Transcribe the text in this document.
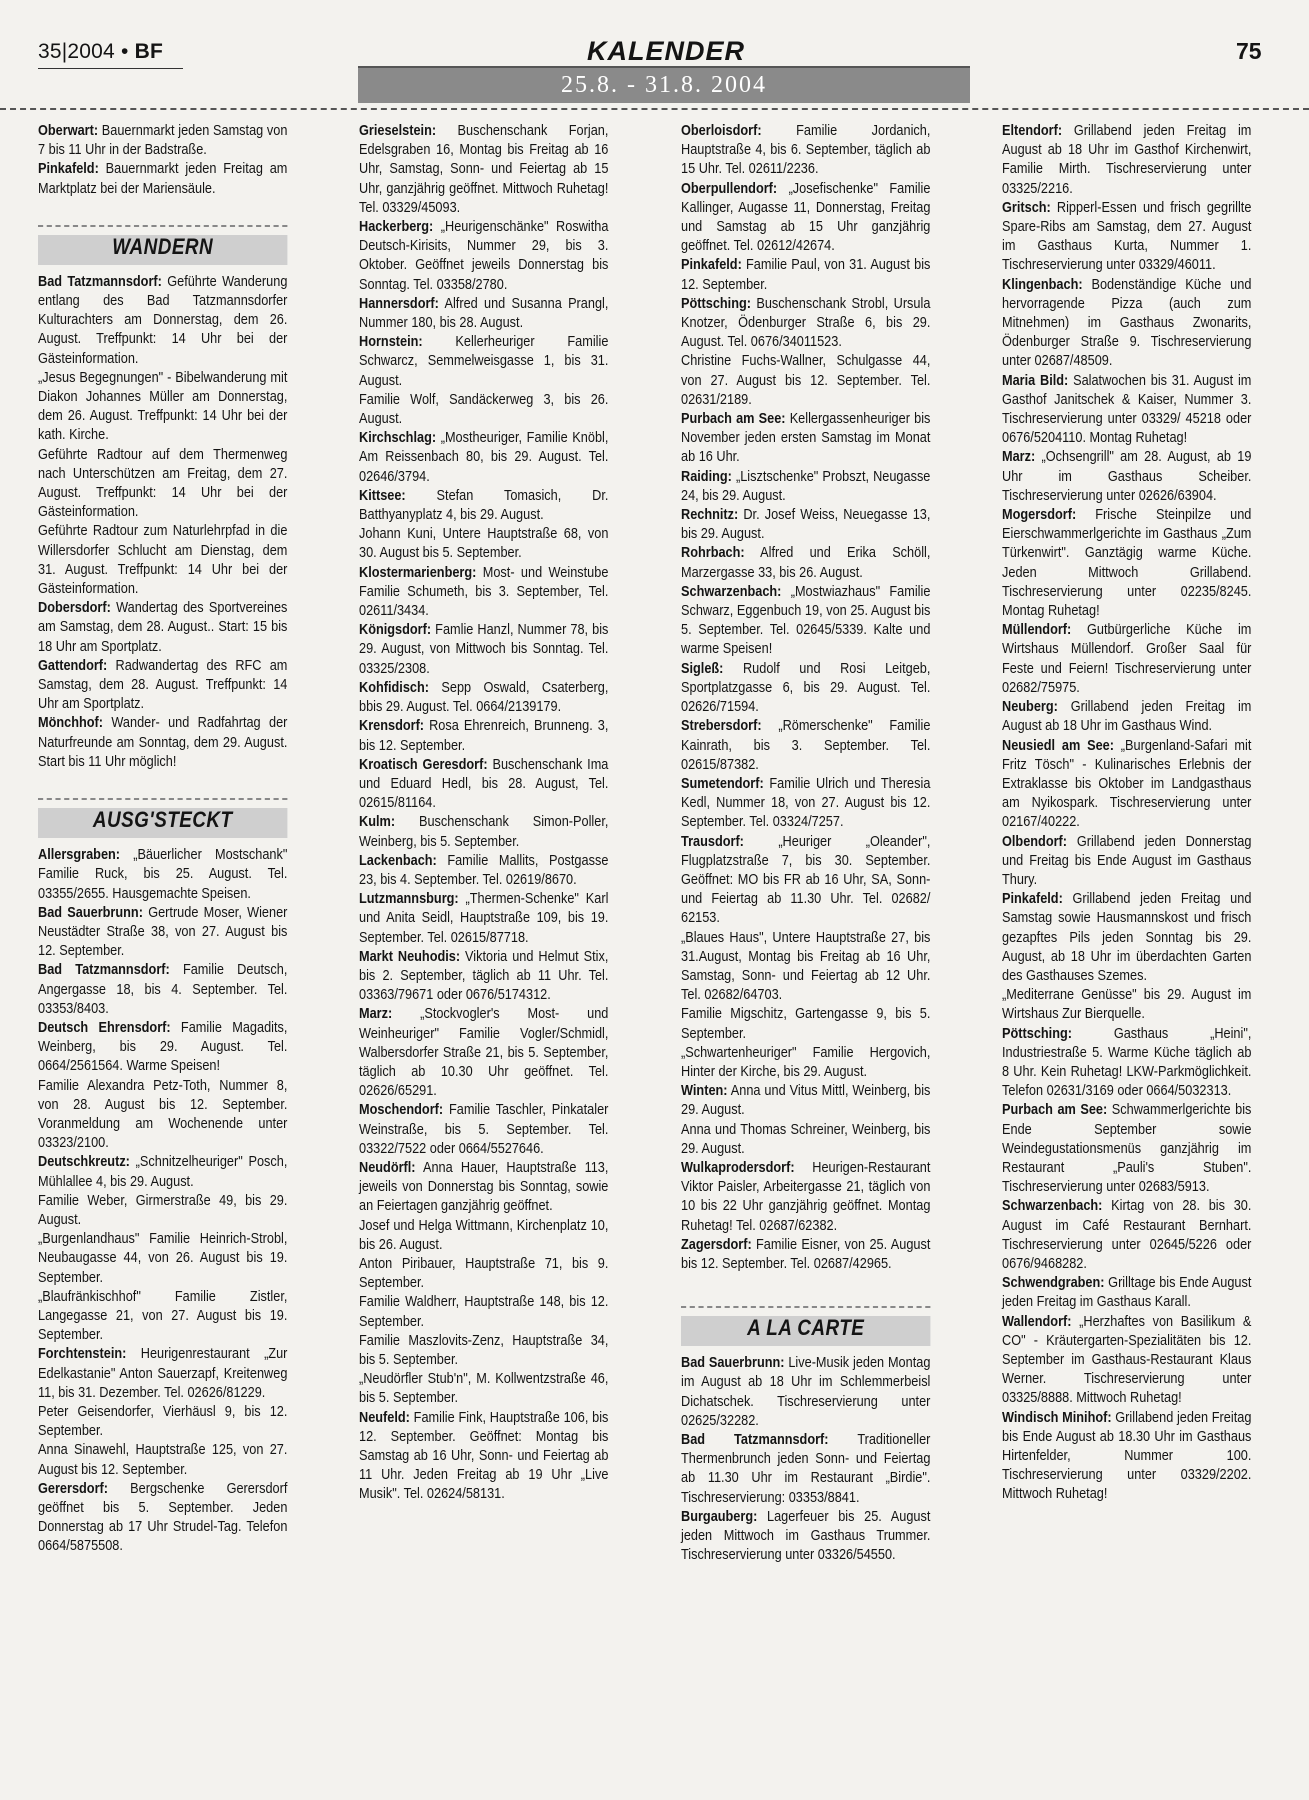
35|2004 • BF	KALENDER	75
25.8. - 31.8. 2004

Oberwart: Bauernmarkt jeden Samstag von 7 bis 11 Uhr in der Badstraße.

Pinkafeld: Bauernmarkt jeden Freitag am Marktplatz bei der Mariensäule.

WANDERN

Bad Tatzmannsdorf: Geführte Wanderung entlang des Bad Tatzmannsdorfer Kulturachters am Donnerstag, dem 26. August. Treffpunkt: 14 Uhr bei der Gästeinformation.

„Jesus Begegnungen" - Bibelwanderung mit Diakon Johannes Müller am Donnerstag, dem 26. August. Treffpunkt: 14 Uhr bei der kath. Kirche.

Geführte Radtour auf dem Thermenweg nach Unterschützen am Freitag, dem 27. August. Treffpunkt: 14 Uhr bei der Gästeinformation.

Geführte Radtour zum Naturlehrpfad in die Willersdorfer Schlucht am Dienstag, dem 31. August. Treffpunkt: 14 Uhr bei der Gästeinformation.

Dobersdorf: Wandertag des Sportvereines am Samstag, dem 28. August.. Start: 15 bis 18 Uhr am Sportplatz.

Gattendorf: Radwandertag des RFC am Samstag, dem 28. August. Treffpunkt: 14 Uhr am Sportplatz.

Mönchhof: Wander- und Radfahrtag der Naturfreunde am Sonntag, dem 29. August. Start bis 11 Uhr möglich!

AUSG'STECKT

Allersgraben: „Bäuerlicher Mostschank" Familie Ruck, bis 25. August. Tel. 03355/2655. Hausgemachte Speisen.

Bad Sauerbrunn: Gertrude Moser, Wiener Neustädter Straße 38, von 27. August bis 12. September.

Bad Tatzmannsdorf: Familie Deutsch, Angergasse 18, bis 4. September. Tel. 03353/8403.

Deutsch Ehrensdorf: Familie Magadits, Weinberg, bis 29. August. Tel. 0664/2561564. Warme Speisen!

Familie Alexandra Petz-Toth, Nummer 8, von 28. August bis 12. September. Voranmeldung am Wochenende unter 03323/2100.

Deutschkreutz: „Schnitzelheuriger" Posch, Mühlallee 4, bis 29. August.

Familie Weber, Girmerstraße 49, bis 29. August.

„Burgenlandhaus" Familie Heinrich-Strobl, Neubaugasse 44, von 26. August bis 19. September.

„Blaufränkischhof" Familie Zistler, Langegasse 21, von 27. August bis 19. September.

Forchtenstein: Heurigenrestaurant „Zur Edelkastanie" Anton Sauerzapf, Kreitenweg 11, bis 31. Dezember. Tel. 02626/81229.

Peter Geisendorfer, Vierhäusl 9, bis 12. September.

Anna Sinawehl, Hauptstraße 125, von 27. August bis 12. September.

Gerersdorf: Bergschenke Gerersdorf geöffnet bis 5. September. Jeden Donnerstag ab 17 Uhr Strudel-Tag. Telefon 0664/5875508.

Grieselstein: Buschenschank Forjan, Edelsgraben 16, Montag bis Freitag ab 16 Uhr, Samstag, Sonn- und Feiertag ab 15 Uhr, ganzjährig geöffnet. Mittwoch Ruhetag! Tel. 03329/45093.

Hackerberg: „Heurigenschänke" Roswitha Deutsch-Kirisits, Nummer 29, bis 3. Oktober. Geöffnet jeweils Donnerstag bis Sonntag. Tel. 03358/2780.

Hannersdorf: Alfred und Susanna Prangl, Nummer 180, bis 28. August.

Hornstein: Kellerheuriger Familie Schwarcz, Semmelweisgasse 1, bis 31. August.

Familie Wolf, Sandäckerweg 3, bis 26. August.

Kirchschlag: „Mostheuriger, Familie Knöbl, Am Reissenbach 80, bis 29. August. Tel. 02646/3794.

Kittsee: Stefan Tomasich, Dr. Batthyanyplatz 4, bis 29. August.

Johann Kuni, Untere Hauptstraße 68, von 30. August bis 5. September.

Klostermarienberg: Most- und Weinstube Familie Schumeth, bis 3. September, Tel. 02611/3434.

Königsdorf: Famlie Hanzl, Nummer 78, bis 29. August, von Mittwoch bis Sonntag. Tel. 03325/2308.

Kohfidisch: Sepp Oswald, Csaterberg, bbis 29. August. Tel. 0664/2139179.

Krensdorf: Rosa Ehrenreich, Brunneng. 3, bis 12. September.

Kroatisch Geresdorf: Buschenschank Ima und Eduard Hedl, bis 28. August, Tel. 02615/81164.

Kulm: Buschenschank Simon-Poller, Weinberg, bis 5. September.

Lackenbach: Familie Mallits, Postgasse 23, bis 4. September. Tel. 02619/8670.

Lutzmannsburg: „Thermen-Schenke" Karl und Anita Seidl, Hauptstraße 109, bis 19. September. Tel. 02615/87718.

Markt Neuhodis: Viktoria und Helmut Stix, bis 2. September, täglich ab 11 Uhr. Tel. 03363/79671 oder 0676/5174312.

Marz: „Stockvogler's Most- und Weinheuriger" Familie Vogler/Schmidl, Walbersdorfer Straße 21, bis 5. September, täglich ab 10.30 Uhr geöffnet. Tel. 02626/65291.

Moschendorf: Familie Taschler, Pinkataler Weinstraße, bis 5. September. Tel. 03322/7522 oder 0664/5527646.

Neudörfl: Anna Hauer, Hauptstraße 113, jeweils von Donnerstag bis Sonntag, sowie an Feiertagen ganzjährig geöffnet.

Josef und Helga Wittmann, Kirchenplatz 10, bis 26. August.

Anton Piribauer, Hauptstraße 71, bis 9. September.

Familie Waldherr, Hauptstraße 148, bis 12. September.

Familie Maszlovits-Zenz, Hauptstraße 34, bis 5. September.

„Neudörfler Stub'n", M. Kollwentzstraße 46, bis 5. September.

Neufeld: Familie Fink, Hauptstraße 106, bis 12. September. Geöffnet: Montag bis Samstag ab 16 Uhr, Sonn- und Feiertag ab 11 Uhr. Jeden Freitag ab 19 Uhr „Live Musik". Tel. 02624/58131.

Oberloisdorf: Familie Jordanich, Hauptstraße 4, bis 6. September, täglich ab 15 Uhr. Tel. 02611/2236.

Oberpullendorf: „Josefischenke" Familie Kallinger, Augasse 11, Donnerstag, Freitag und Samstag ab 15 Uhr ganzjährig geöffnet. Tel. 02612/42674.

Pinkafeld: Familie Paul, von 31. August bis 12. September.

Pöttsching: Buschenschank Strobl, Ursula Knotzer, Ödenburger Straße 6, bis 29. August. Tel. 0676/34011523.

Christine Fuchs-Wallner, Schulgasse 44, von 27. August bis 12. September. Tel. 02631/2189.

Purbach am See: Kellergassenheuriger bis November jeden ersten Samstag im Monat ab 16 Uhr.

Raiding: „Lisztschenke" Probszt, Neugasse 24, bis 29. August.

Rechnitz: Dr. Josef Weiss, Neuegasse 13, bis 29. August.

Rohrbach: Alfred und Erika Schöll, Marzergasse 33, bis 26. August.

Schwarzenbach: „Mostwiazhaus" Familie Schwarz, Eggenbuch 19, von 25. August bis 5. September. Tel. 02645/5339. Kalte und warme Speisen!

Sigleß: Rudolf und Rosi Leitgeb, Sportplatzgasse 6, bis 29. August. Tel. 02626/71594.

Strebersdorf: „Römerschenke" Familie Kainrath, bis 3. September. Tel. 02615/87382.

Sumetendorf: Familie Ulrich und Theresia Kedl, Nummer 18, von 27. August bis 12. September. Tel. 03324/7257.

Trausdorf: „Heuriger „Oleander", Flugplatzstraße 7, bis 30. September. Geöffnet: MO bis FR ab 16 Uhr, SA, Sonn- und Feiertag ab 11.30 Uhr. Tel. 02682/ 62153.

„Blaues Haus", Untere Hauptstraße 27, bis 31.August, Montag bis Freitag ab 16 Uhr, Samstag, Sonn- und Feiertag ab 12 Uhr. Tel. 02682/64703.

Familie Migschitz, Gartengasse 9, bis 5. September.

„Schwartenheuriger" Familie Hergovich, Hinter der Kirche, bis 29. August.

Winten: Anna und Vitus Mittl, Weinberg, bis 29. August.

Anna und Thomas Schreiner, Weinberg, bis 29. August.

Wulkaprodersdorf: Heurigen-Restaurant Viktor Paisler, Arbeitergasse 21, täglich von 10 bis 22 Uhr ganzjährig geöffnet. Montag Ruhetag! Tel. 02687/62382.

Zagersdorf: Familie Eisner, von 25. August bis 12. September. Tel. 02687/42965.

A LA CARTE

Bad Sauerbrunn: Live-Musik jeden Montag im August ab 18 Uhr im Schlemmerbeisl Dichatschek. Tischreservierung unter 02625/32282.

Bad Tatzmannsdorf: Traditioneller Thermenbrunch jeden Sonn- und Feiertag ab 11.30 Uhr im Restaurant „Birdie". Tischreservierung: 03353/8841.

Burgauberg: Lagerfeuer bis 25. August jeden Mittwoch im Gasthaus Trummer. Tischreservierung unter 03326/54550.

Eltendorf: Grillabend jeden Freitag im August ab 18 Uhr im Gasthof Kirchenwirt, Familie Mirth. Tischreservierung unter 03325/2216.

Gritsch: Ripperl-Essen und frisch gegrillte Spare-Ribs am Samstag, dem 27. August im Gasthaus Kurta, Nummer 1. Tischreservierung unter 03329/46011.

Klingenbach: Bodenständige Küche und hervorragende Pizza (auch zum Mitnehmen) im Gasthaus Zwonarits, Ödenburger Straße 9. Tischreservierung unter 02687/48509.

Maria Bild: Salatwochen bis 31. August im Gasthof Janitschek & Kaiser, Nummer 3. Tischreservierung unter 03329/ 45218 oder 0676/5204110. Montag Ruhetag!

Marz: „Ochsengrill" am 28. August, ab 19 Uhr im Gasthaus Scheiber. Tischreservierung unter 02626/63904.

Mogersdorf: Frische Steinpilze und Eierschwammerlgerichte im Gasthaus „Zum Türkenwirt". Ganztägig warme Küche. Jeden Mittwoch Grillabend. Tischreservierung unter 02235/8245. Montag Ruhetag!

Müllendorf: Gutbürgerliche Küche im Wirtshaus Müllendorf. Großer Saal für Feste und Feiern! Tischreservierung unter 02682/75975.

Neuberg: Grillabend jeden Freitag im August ab 18 Uhr im Gasthaus Wind.

Neusiedl am See: „Burgenland-Safari mit Fritz Tösch" - Kulinarisches Erlebnis der Extraklasse bis Oktober im Landgasthaus am Nyikospark. Tischreservierung unter 02167/40222.

Olbendorf: Grillabend jeden Donnerstag und Freitag bis Ende August im Gasthaus Thury.

Pinkafeld: Grillabend jeden Freitag und Samstag sowie Hausmannskost und frisch gezapftes Pils jeden Sonntag bis 29. August, ab 18 Uhr im überdachten Garten des Gasthauses Szemes.

„Mediterrane Genüsse" bis 29. August im Wirtshaus Zur Bierquelle.

Pöttsching: Gasthaus „Heini", Industriestraße 5. Warme Küche täglich ab 8 Uhr. Kein Ruhetag! LKW-Parkmöglichkeit. Telefon 02631/3169 oder 0664/5032313.

Purbach am See: Schwammerlgerichte bis Ende September sowie Weindegustationsmenüs ganzjährig im Restaurant „Pauli's Stuben". Tischreservierung unter 02683/5913.

Schwarzenbach: Kirtag von 28. bis 30. August im Café Restaurant Bernhart. Tischreservierung unter 02645/5226 oder 0676/9468282.

Schwendgraben: Grilltage bis Ende August jeden Freitag im Gasthaus Karall.

Wallendorf: „Herzhaftes von Basilikum & CO" - Kräutergarten-Spezialitäten bis 12. September im Gasthaus-Restaurant Klaus Werner. Tischreservierung unter 03325/8888. Mittwoch Ruhetag!

Windisch Minihof: Grillabend jeden Freitag bis Ende August ab 18.30 Uhr im Gasthaus Hirtenfelder, Nummer 100. Tischreservierung unter 03329/2202. Mittwoch Ruhetag!
